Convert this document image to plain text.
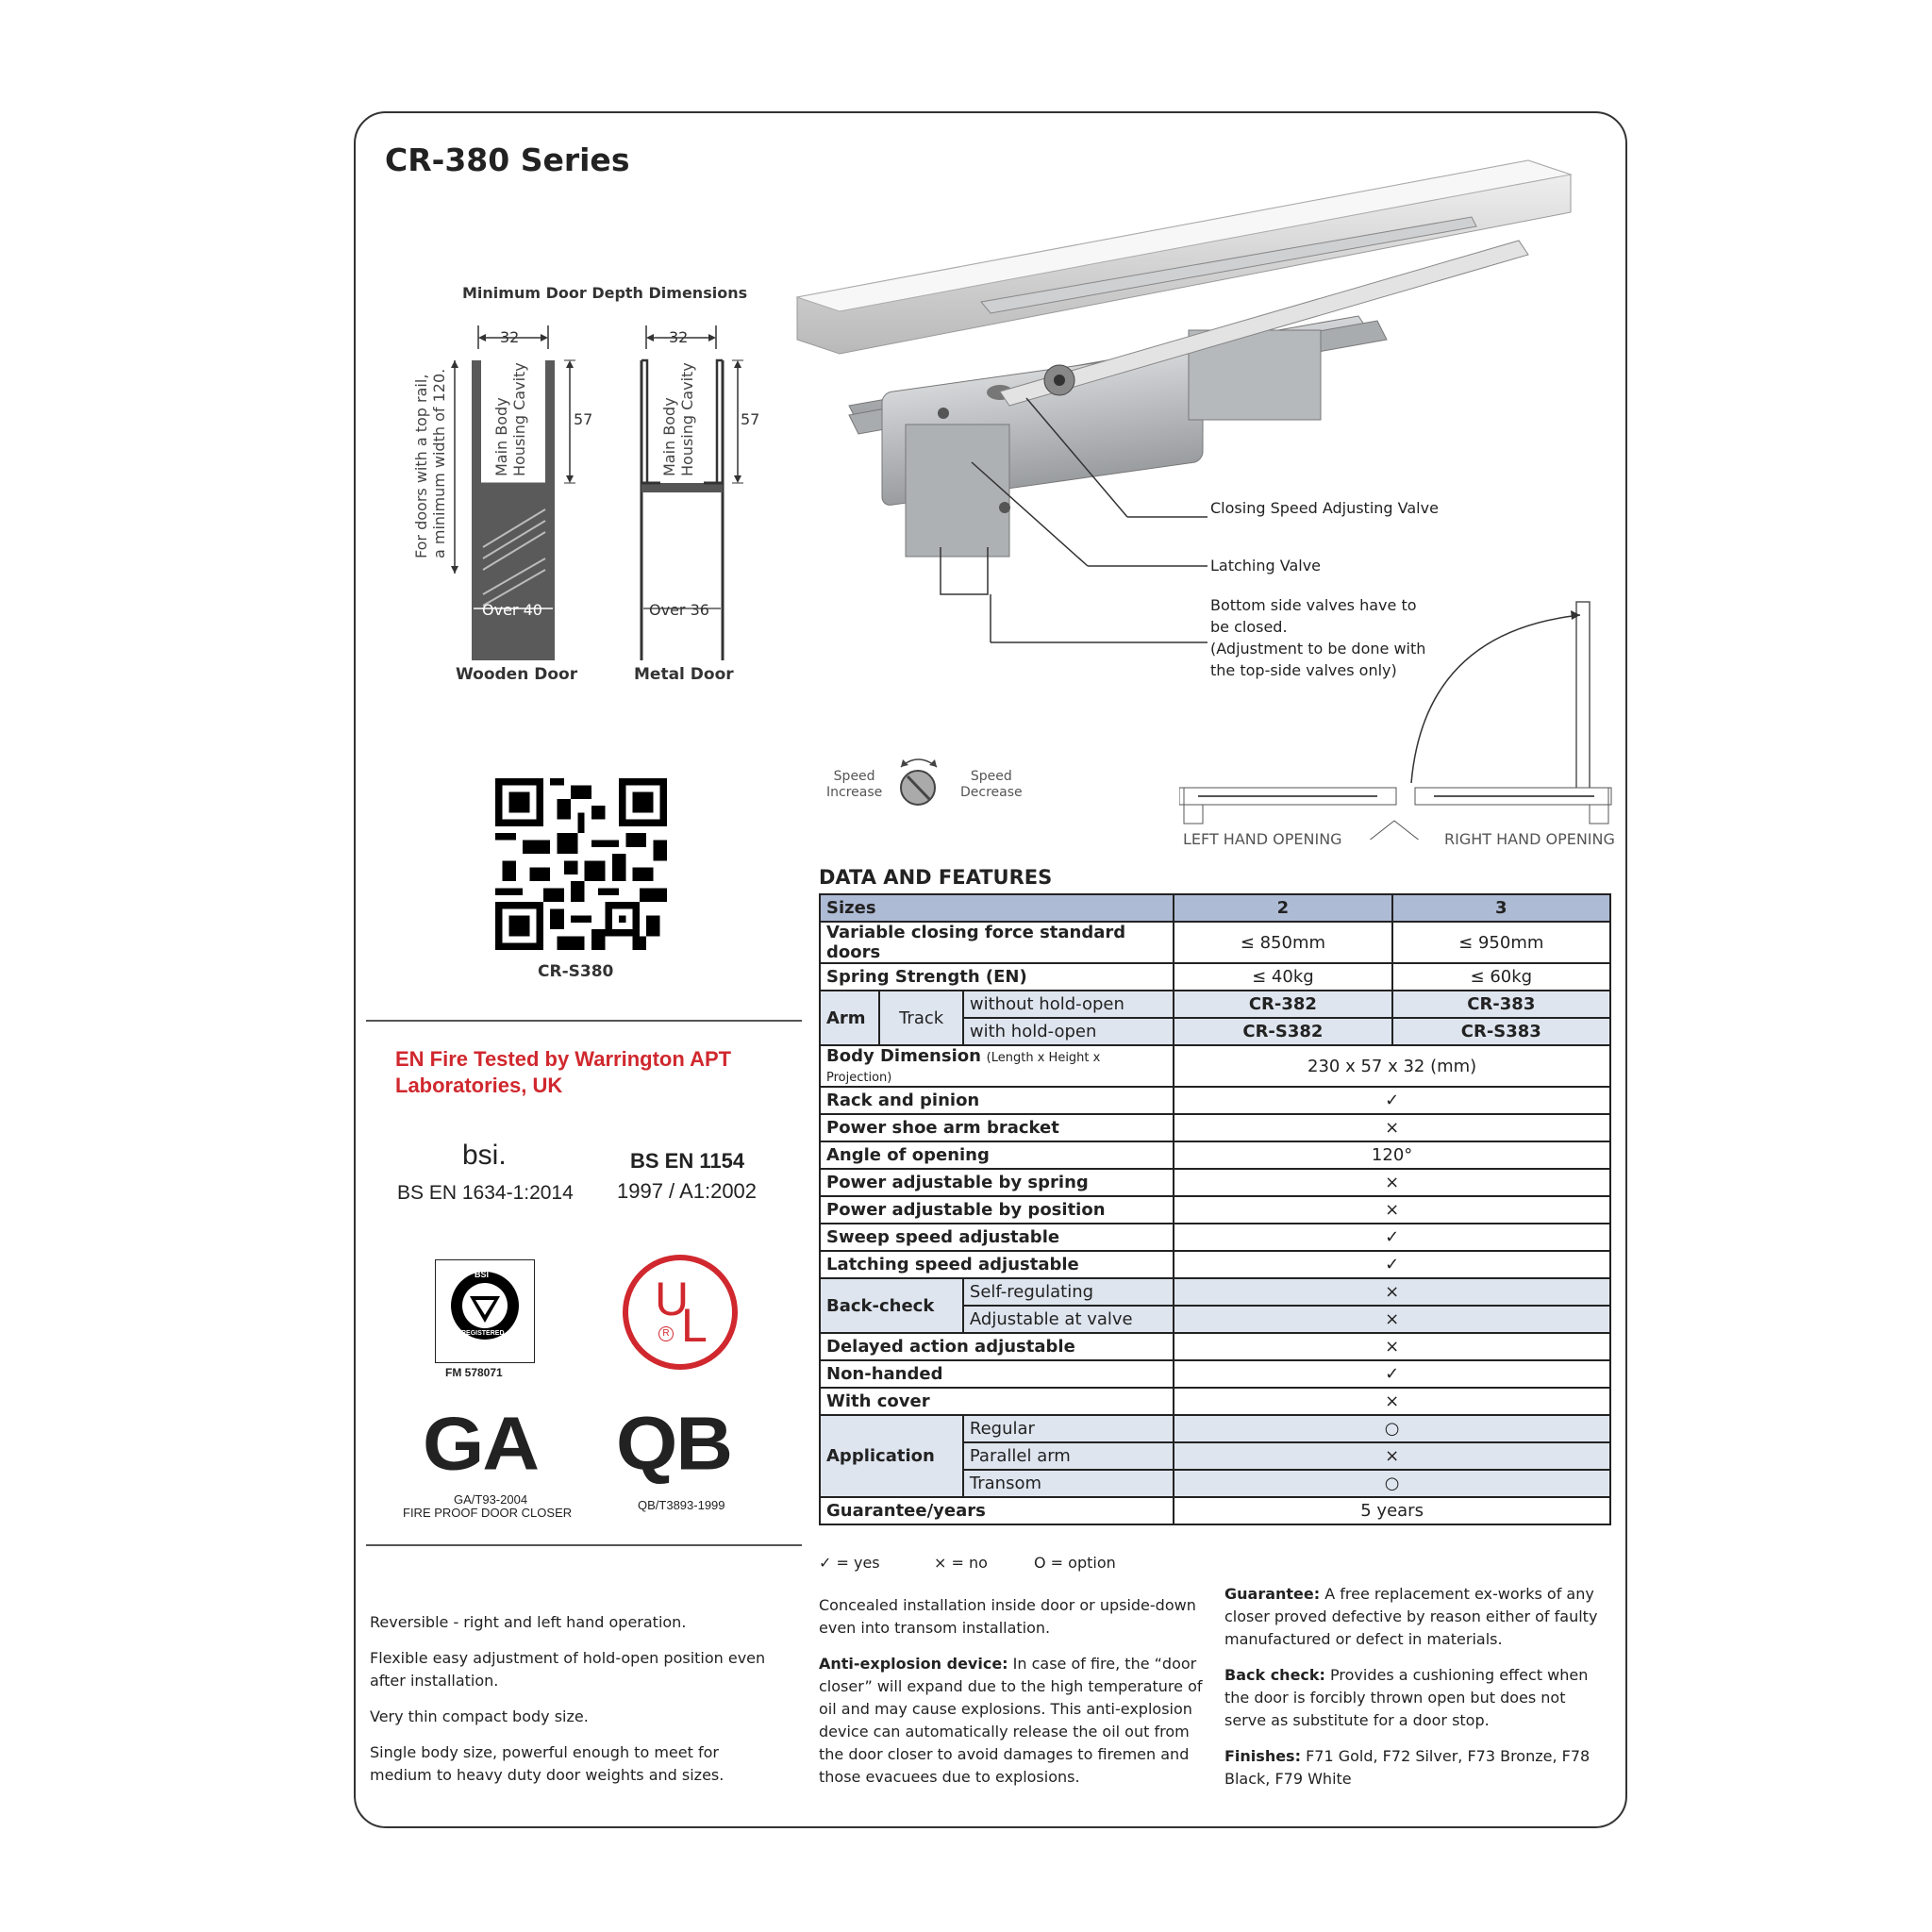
CR-380 Series
Minimum Door Depth Dimensions
32	32
57	57
Main Body
Housing Cavity
Main Body
Housing Cavity
For doors with a top rail,
a minimum width of 120.
Over 40	Over 36
Wooden Door	Metal Door
Closing Speed Adjusting Valve
Latching Valve
Bottom side valves have to
be closed.
(Adjustment to be done with
the top-side valves only)
Speed
Increase
Speed
Decrease
LEFT HAND OPENING	RIGHT HAND OPENING
CR-S380
EN Fire Tested by Warrington APT
Laboratories, UK
bsi.
BS EN 1634-1:2014
BS EN 1154
1997 / A1:2002
BSI
REGISTERED
FM 578071
U
L
R
GA
GA/T93-2004
FIRE PROOF DOOR CLOSER
QB
QB/T3893-1999
DATA AND FEATURES
Sizes			2	3
Variable closing force standard doors			≤ 850mm	≤ 950mm
Spring Strength (EN)			≤ 40kg	≤ 60kg
Arm	Track	without hold-open	CR-382	CR-383
		with hold-open	CR-S382	CR-S383
Body Dimension (Length x Height x Projection)			230 x 57 x 32 (mm)	
Rack and pinion			✓	
Power shoe arm bracket			×	
Angle of opening			120°	
Power adjustable by spring			×	
Power adjustable by position			×	
Sweep speed adjustable			✓	
Latching speed adjustable			✓	
Back-check		Self-regulating	×	
		Adjustable at valve	×	
Delayed action adjustable			×	
Non-handed			✓	
With cover			×	
Application		Regular	○	
		Parallel arm	×	
		Transom	○	
Guarantee/years			5 years	
✓ = yes	× = no	O = option

Reversible - right and left hand operation.

Flexible easy adjustment of hold-open position even after installation.

Very thin compact body size.

Single body size, powerful enough to meet for medium to heavy duty door weights and sizes.

Concealed installation inside door or upside-down even into transom installation.

Anti-explosion device: In case of fire, the “door closer” will expand due to the high temperature of oil and may cause explosions. This anti-explosion device can automatically release the oil out from the door closer to avoid damages to firemen and those evacuees due to explosions.

Guarantee: A free replacement ex-works of any closer proved defective by reason either of faulty manufactured or defect in materials.

Back check: Provides a cushioning effect when the door is forcibly thrown open but does not serve as substitute for a door stop.

Finishes: F71 Gold, F72 Silver, F73 Bronze, F78 Black, F79 White
